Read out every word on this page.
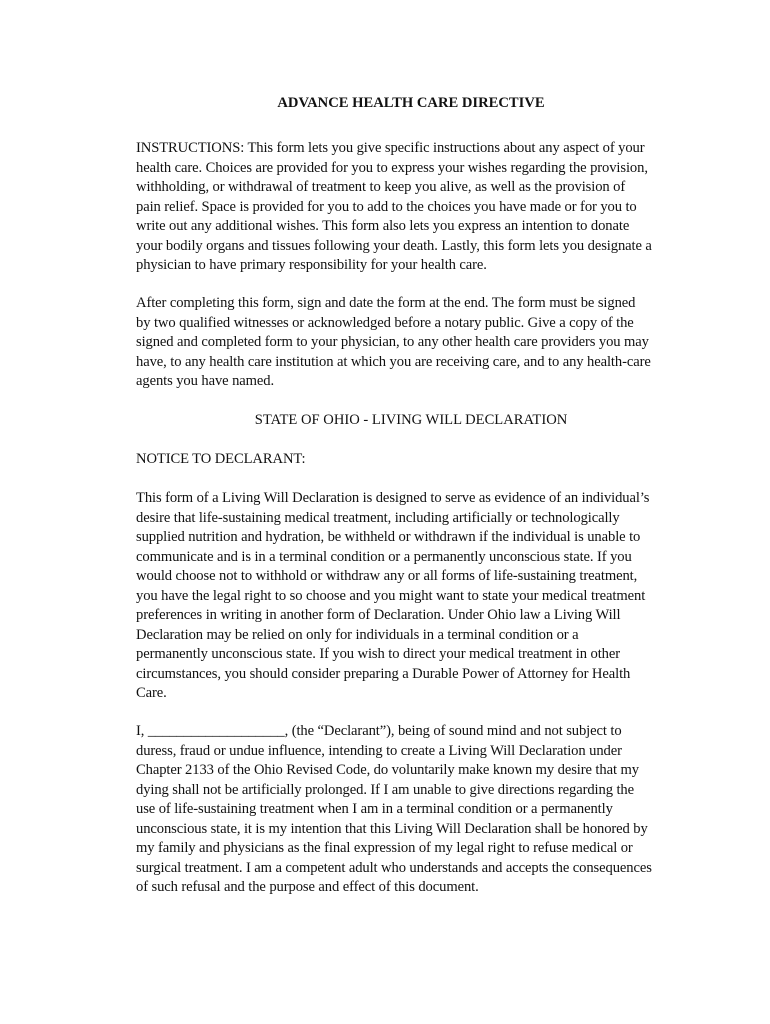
ADVANCE HEALTH CARE DIRECTIVE
INSTRUCTIONS: This form lets you give specific instructions about any aspect of your
health care. Choices are provided for you to express your wishes regarding the provision,
withholding, or withdrawal of treatment to keep you alive, as well as the provision of
pain relief. Space is provided for you to add to the choices you have made or for you to
write out any additional wishes. This form also lets you express an intention to donate
your bodily organs and tissues following your death. Lastly, this form lets you designate a
physician to have primary responsibility for your health care.
After completing this form, sign and date the form at the end. The form must be signed
by two qualified witnesses or acknowledged before a notary public. Give a copy of the
signed and completed form to your physician, to any other health care providers you may
have, to any health care institution at which you are receiving care, and to any health-care
agents you have named.
STATE OF OHIO - LIVING WILL DECLARATION
NOTICE TO DECLARANT:
This form of a Living Will Declaration is designed to serve as evidence of an individual’s
desire that life-sustaining medical treatment, including artificially or technologically
supplied nutrition and hydration, be withheld or withdrawn if the individual is unable to
communicate and is in a terminal condition or a permanently unconscious state. If you
would choose not to withhold or withdraw any or all forms of life-sustaining treatment,
you have the legal right to so choose and you might want to state your medical treatment
preferences in writing in another form of Declaration. Under Ohio law a Living Will
Declaration may be relied on only for individuals in a terminal condition or a
permanently unconscious state. If you wish to direct your medical treatment in other
circumstances, you should consider preparing a Durable Power of Attorney for Health
Care.
I, ___________________, (the “Declarant”), being of sound mind and not subject to
duress, fraud or undue influence, intending to create a Living Will Declaration under
Chapter 2133 of the Ohio Revised Code, do voluntarily make known my desire that my
dying shall not be artificially prolonged. If I am unable to give directions regarding the
use of life-sustaining treatment when I am in a terminal condition or a permanently
unconscious state, it is my intention that this Living Will Declaration shall be honored by
my family and physicians as the final expression of my legal right to refuse medical or
surgical treatment. I am a competent adult who understands and accepts the consequences
of such refusal and the purpose and effect of this document.
